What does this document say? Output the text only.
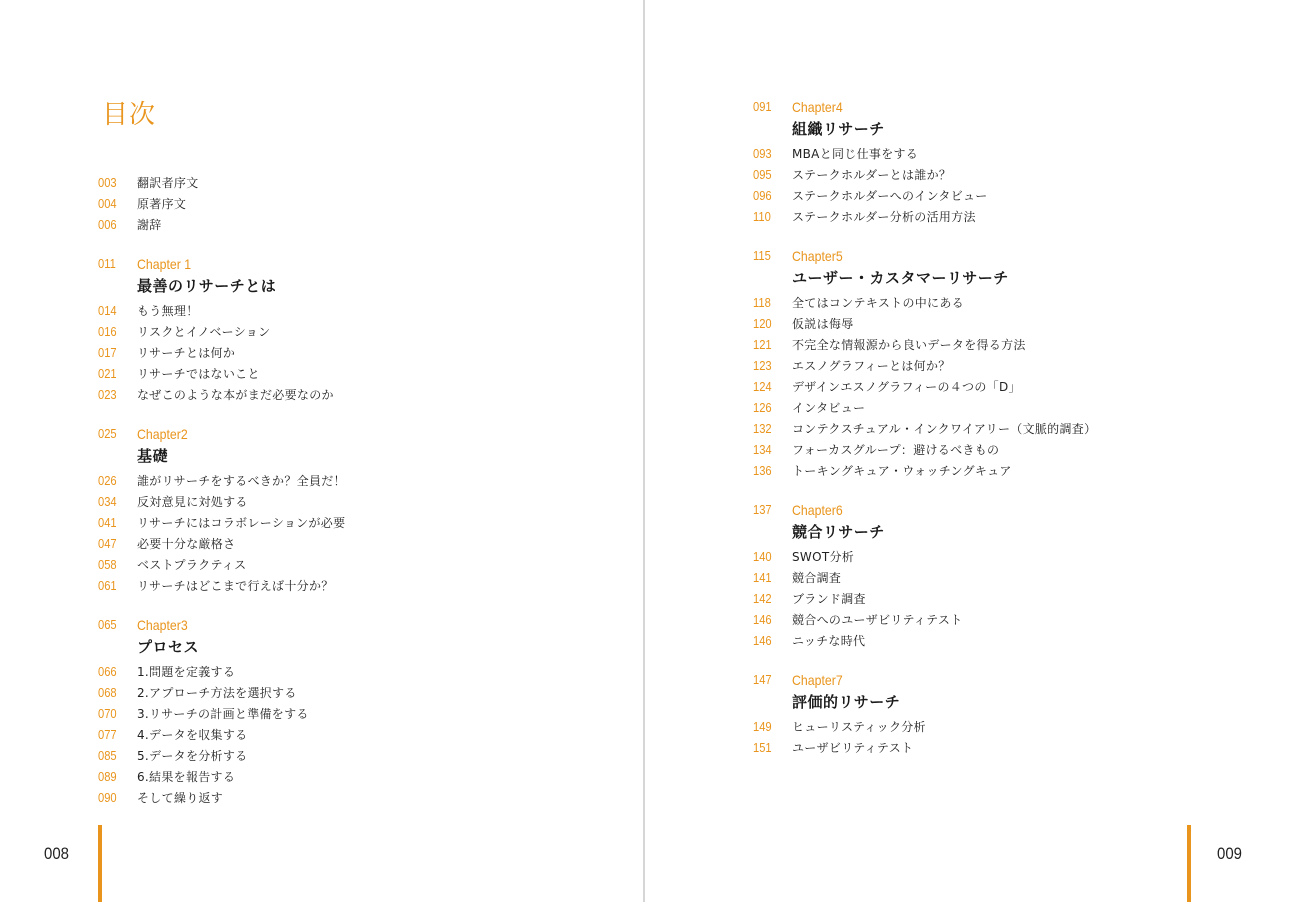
目次
003	翻訳者序文
004	原著序文
006	謝辞
011	Chapter 1
最善のリサーチとは
014	もう無理！
016	リスクとイノベーション
017	リサーチとは何か
021	リサーチではないこと
023	なぜこのような本がまだ必要なのか
025	Chapter2
基礎
026	誰がリサーチをするべきか？全員だ！
034	反対意見に対処する
041	リサーチにはコラボレーションが必要
047	必要十分な厳格さ
058	ベストプラクティス
061	リサーチはどこまで行えば十分か？
065	Chapter3
プロセス
066	1.問題を定義する
068	2.アプローチ方法を選択する
070	3.リサーチの計画と準備をする
077	4.データを収集する
085	5.データを分析する
089	6.結果を報告する
090	そして繰り返す
008
091	Chapter4
組織リサーチ
093	MBAと同じ仕事をする
095	ステークホルダーとは誰か？
096	ステークホルダーへのインタビュー
110	ステークホルダー分析の活用方法
115	Chapter5
ユーザー・カスタマーリサーチ
118	全てはコンテキストの中にある
120	仮説は侮辱
121	不完全な情報源から良いデータを得る方法
123	エスノグラフィーとは何か？
124	デザインエスノグラフィーの４つの「D」
126	インタビュー
132	コンテクスチュアル・インクワイアリー（文脈的調査）
134	フォーカスグループ：避けるべきもの
136	トーキングキュア・ウォッチングキュア
137	Chapter6
競合リサーチ
140	SWOT分析
141	競合調査
142	ブランド調査
146	競合へのユーザビリティテスト
146	ニッチな時代
147	Chapter7
評価的リサーチ
149	ヒューリスティック分析
151	ユーザビリティテスト
009
